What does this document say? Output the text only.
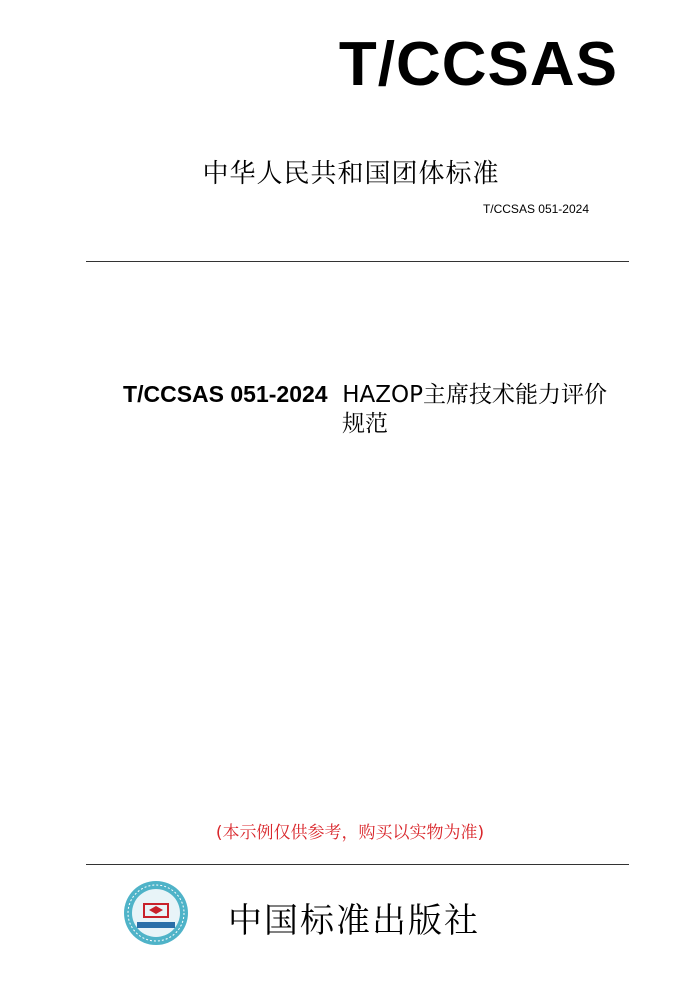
T/CCSAS
中华人民共和国团体标准
T/CCSAS 051-2024
T/CCSAS 051-2024 HAZOP主席技术能力评价
规范
(本示例仅供参考，购买以实物为准)
中国标准出版社
